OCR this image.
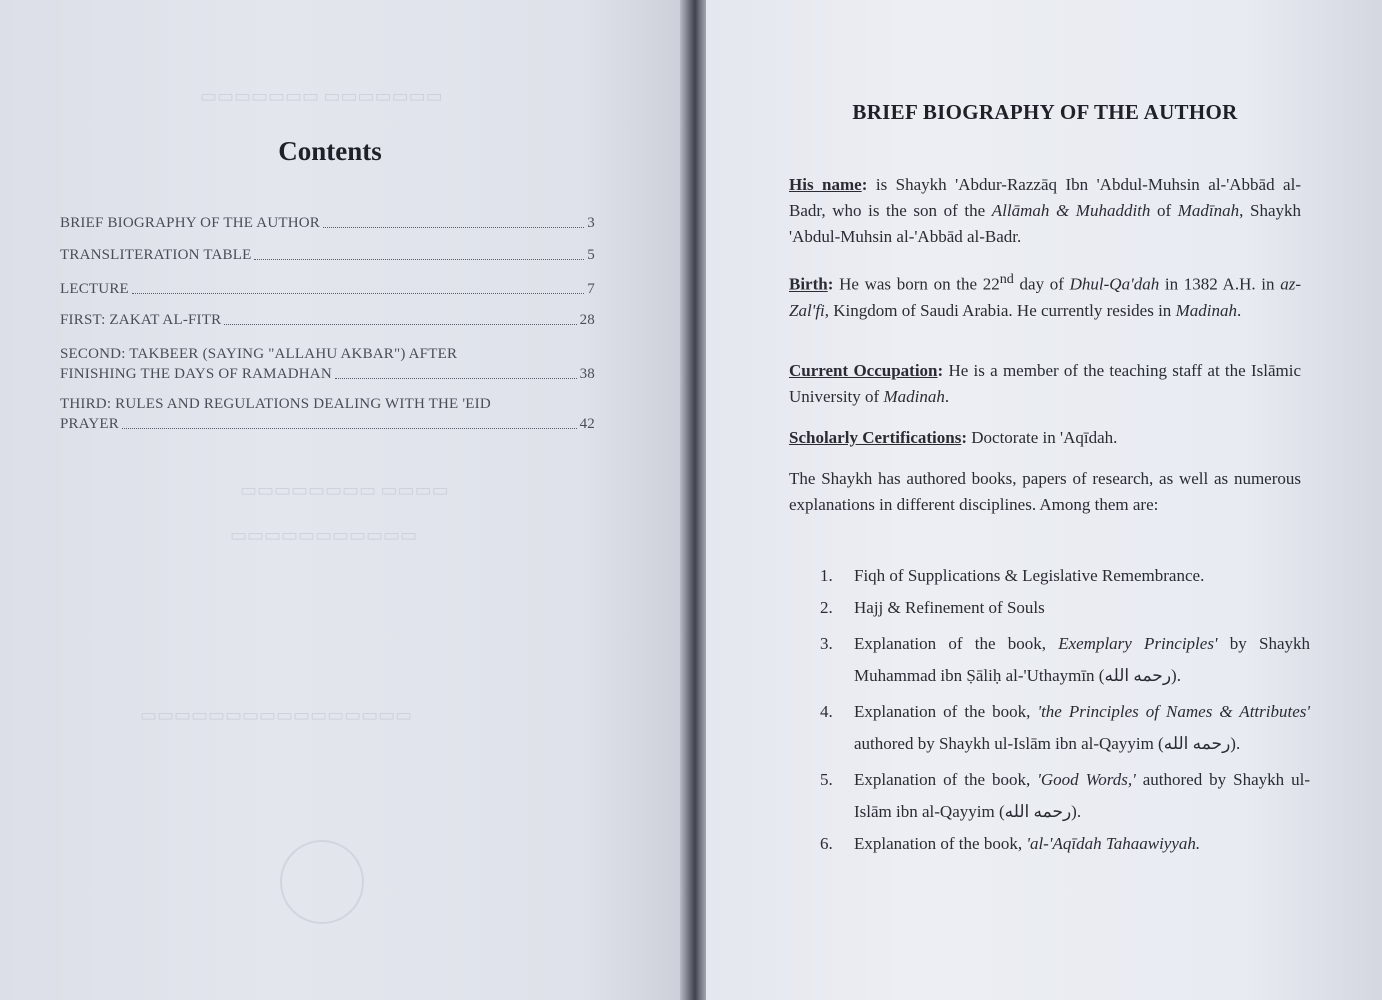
▭▭▭▭▭▭▭ ▭▭▭▭▭▭▭
▭▭▭▭▭▭▭▭ ▭▭▭▭
▭▭▭▭▭▭▭▭▭▭▭
▭▭▭▭▭▭▭▭▭▭▭▭▭▭▭▭
Contents
BRIEF BIOGRAPHY OF THE AUTHOR	3
TRANSLITERATION TABLE	5
LECTURE	7
FIRST: ZAKAT AL-FITR	28
SECOND: TAKBEER (SAYING "ALLAHU AKBAR") AFTER
FINISHING THE DAYS OF RAMADHAN	38
THIRD: RULES AND REGULATIONS DEALING WITH THE 'EID
PRAYER	42
BRIEF BIOGRAPHY OF THE AUTHOR
His name: is Shaykh 'Abdur-Razzāq Ibn 'Abdul-Muhsin al-'Abbād al-Badr, who is the son of the Allāmah & Muhaddith of Madīnah, Shaykh 'Abdul-Muhsin al-'Abbād al-Badr.
Birth: He was born on the 22nd day of Dhul-Qa'dah in 1382 A.H. in az-Zal'fi, Kingdom of Saudi Arabia. He currently resides in Madinah.
Current Occupation: He is a member of the teaching staff at the Islāmic University of Madinah.
Scholarly Certifications: Doctorate in 'Aqīdah.
The Shaykh has authored books, papers of research, as well as numerous explanations in different disciplines. Among them are:
1. Fiqh of Supplications & Legislative Remembrance.
2. Hajj & Refinement of Souls
3. Explanation of the book, Exemplary Principles' by Shaykh Muhammad ibn Ṣāliḥ al-'Uthaymīn (رحمه الله).
4. Explanation of the book, 'the Principles of Names & Attributes' authored by Shaykh ul-Islām ibn al-Qayyim (رحمه الله).
5. Explanation of the book, 'Good Words,' authored by Shaykh ul-Islām ibn al-Qayyim (رحمه الله).
6. Explanation of the book, 'al-'Aqīdah Tahaawiyyah.
